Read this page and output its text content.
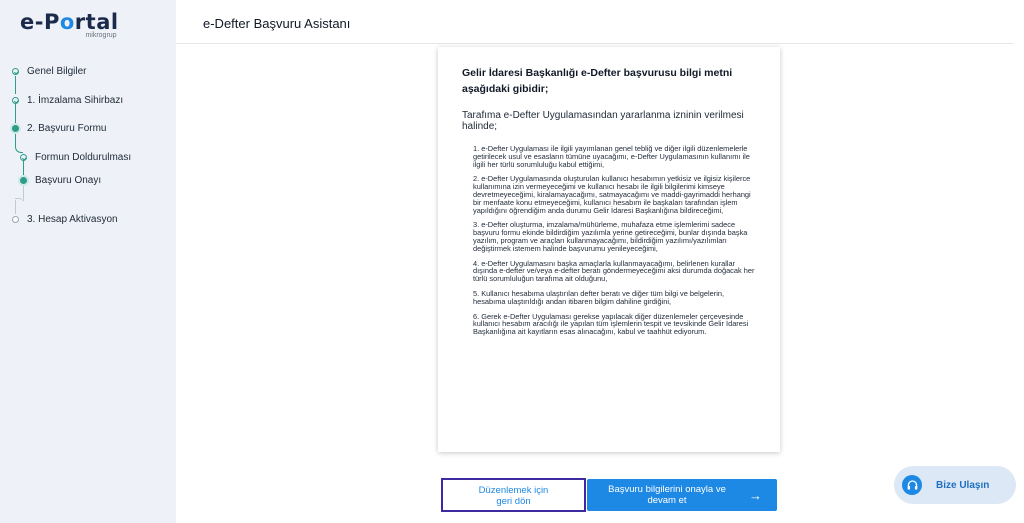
e-Portal
mikrogrup
Genel Bilgiler
1. İmzalama Sihirbazı
2. Başvuru Formu
Formun Doldurulması
Başvuru Onayı
3. Hesap Aktivasyon
e-Defter Başvuru Asistanı
Gelir İdaresi Başkanlığı e-Defter başvurusu bilgi metni aşağıdaki gibidir;
Tarafıma e-Defter Uygulamasından yararlanma izninin verilmesi halinde;

1. e-Defter Uygulaması ile ilgili yayımlanan genel tebliğ ve diğer ilgili düzenlemelerle getirilecek usul ve esasların tümüne uyacağımı, e-Defter Uygulamasının kullanımı ile ilgili her türlü sorumluluğu kabul ettiğimi,

2. e-Defter Uygulamasında oluşturulan kullanıcı hesabımın yetkisiz ve ilgisiz kişilerce kullanımına izin vermeyeceğimi ve kullanıcı hesabı ile ilgili bilgilerimi kimseye devretmeyeceğimi, kiralamayacağımı, satmayacağımı ve maddi-gayrimaddi herhangi bir menfaate konu etmeyeceğimi, kullanıcı hesabım ile başkaları tarafından işlem yapıldığını öğrendiğim anda durumu Gelir İdaresi Başkanlığına bildireceğimi,

3. e-Defter oluşturma, imzalama/mühürleme, muhafaza etme işlemlerimi sadece başvuru formu ekinde bildirdiğim yazılımla yerine getireceğimi, bunlar dışında başka yazılım, program ve araçları kullanmayacağımı, bildirdiğim yazılımı/yazılımları değiştirmek istemem halinde başvurumu yenileyeceğimi,

4. e-Defter Uygulamasını başka amaçlarla kullanmayacağımı, belirlenen kurallar dışında e-defter ve/veya e-defter beratı göndermeyeceğimi aksi durumda doğacak her türlü sorumluluğun tarafıma ait olduğunu,

5. Kullanıcı hesabıma ulaştırılan defter beratı ve diğer tüm bilgi ve belgelerin, hesabıma ulaştırıldığı andan itibaren bilgim dahiline girdiğini,

6. Gerek e-Defter Uygulaması gerekse yapılacak diğer düzenlemeler çerçevesinde kullanıcı hesabım aracılığı ile yapılan tüm işlemlerin tespit ve tevsikinde Gelir İdaresi Başkanlığına ait kayıtların esas alınacağını, kabul ve taahhüt ediyorum.

Düzenlemek için
geri dön
Başvuru bilgilerini onayla ve
devam et	→
Bize Ulaşın
